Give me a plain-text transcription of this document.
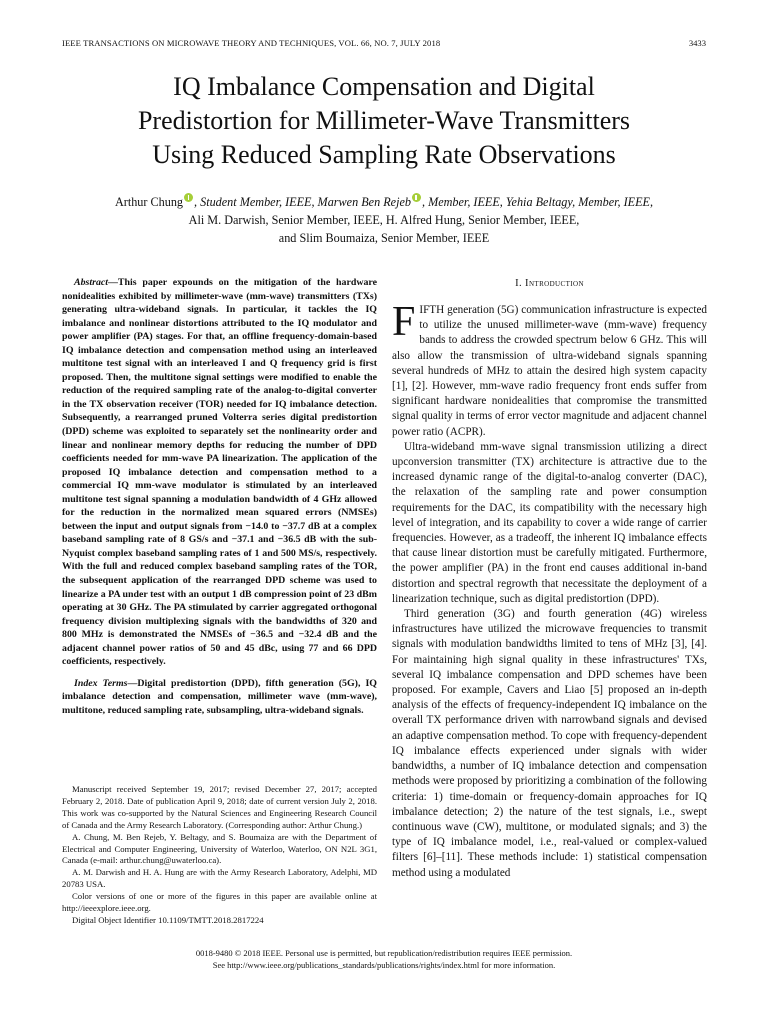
IEEE TRANSACTIONS ON MICROWAVE THEORY AND TECHNIQUES, VOL. 66, NO. 7, JULY 2018	3433
IQ Imbalance Compensation and Digital
Predistortion for Millimeter-Wave Transmitters
Using Reduced Sampling Rate Observations
Arthur Chung , Student Member, IEEE, Marwen Ben Rejeb , Member, IEEE, Yehia Beltagy, Member, IEEE,
Ali M. Darwish, Senior Member, IEEE, H. Alfred Hung, Senior Member, IEEE,
and Slim Boumaiza, Senior Member, IEEE

Abstract—This paper expounds on the mitigation of the hardware nonidealities exhibited by millimeter-wave (mm-wave) transmitters (TXs) generating ultra-wideband signals. In particular, it tackles the IQ imbalance and nonlinear distortions attributed to the IQ modulator and power amplifier (PA) stages. For that, an offline frequency-domain-based IQ imbalance detection and compensation method using an interleaved multitone test signal with an interleaved I and Q frequency grid is first proposed. Then, the multitone signal settings were modified to enable the reduction of the required sampling rate of the analog-to-digital converter in the TX observation receiver (TOR) needed for IQ imbalance detection. Subsequently, a rearranged pruned Volterra series digital predistortion (DPD) scheme was exploited to separately set the nonlinearity order and linear and nonlinear memory depths for reducing the number of DPD coefficients needed for mm-wave PA linearization. The application of the proposed IQ imbalance detection and compensation method to a commercial IQ mm-wave modulator is stimulated by an interleaved multitone test signal spanning a modulation bandwidth of 4 GHz allowed for the reduction in the normalized mean squared errors (NMSEs) between the input and output signals from −14.0 to −37.7 dB at a complex baseband sampling rate of 8 GS/s and −37.1 and −36.5 dB with the sub-Nyquist complex baseband sampling rates of 1 and 500 MS/s, respectively. With the full and reduced complex baseband sampling rates of the TOR, the subsequent application of the rearranged DPD scheme was used to linearize a PA under test with an output 1 dB compression point of 23 dBm operating at 30 GHz. The PA stimulated by carrier aggregated orthogonal frequency division multiplexing signals with the bandwidths of 320 and 800 MHz is demonstrated the NMSEs of −36.5 and −32.4 dB and the adjacent channel power ratios of 50 and 45 dBc, using 77 and 66 DPD coefficients, respectively.

Index Terms—Digital predistortion (DPD), fifth generation (5G), IQ imbalance detection and compensation, millimeter wave (mm-wave), multitone, reduced sampling rate, subsampling, ultra-wideband signals.

Manuscript received September 19, 2017; revised December 27, 2017; accepted February 2, 2018. Date of publication April 9, 2018; date of current version July 2, 2018. This work was co-supported by the Natural Sciences and Engineering Research Council of Canada and the Army Research Laboratory. (Corresponding author: Arthur Chung.)

A. Chung, M. Ben Rejeb, Y. Beltagy, and S. Boumaiza are with the Department of Electrical and Computer Engineering, University of Waterloo, Waterloo, ON N2L 3G1, Canada (e-mail: arthur.chung@uwaterloo.ca).

A. M. Darwish and H. A. Hung are with the Army Research Laboratory, Adelphi, MD 20783 USA.

Color versions of one or more of the figures in this paper are available online at http://ieeexplore.ieee.org.

Digital Object Identifier 10.1109/TMTT.2018.2817224

I. Introduction

FIFTH generation (5G) communication infrastructure is expected to utilize the unused millimeter-wave (mm-wave) frequency bands to address the crowded spectrum below 6 GHz. This will also allow the transmission of ultra-wideband signals spanning several hundreds of MHz to attain the desired high system capacity [1], [2]. However, mm-wave radio frequency front ends suffer from significant hardware nonidealities that compromise the transmitted signal quality in terms of error vector magnitude and adjacent channel power ratio (ACPR).

Ultra-wideband mm-wave signal transmission utilizing a direct upconversion transmitter (TX) architecture is attractive due to the increased dynamic range of the digital-to-analog converter (DAC), the relaxation of the sampling rate and power consumption requirements for the DAC, its compatibility with the necessary high level of integration, and its capability to cover a wide range of carrier frequencies. However, as a tradeoff, the inherent IQ imbalance effects that cause linear distortion must be carefully mitigated. Furthermore, the power amplifier (PA) in the front end causes additional in-band distortion and spectral regrowth that necessitate the deployment of a linearization technique, such as digital predistortion (DPD).

Third generation (3G) and fourth generation (4G) wireless infrastructures have utilized the microwave frequencies to transmit signals with modulation bandwidths limited to tens of MHz [3], [4]. For maintaining high signal quality in these infrastructures' TXs, several IQ imbalance compensation and DPD schemes have been proposed. For example, Cavers and Liao [5] proposed an in-depth analysis of the effects of frequency-independent IQ imbalance on the overall TX performance driven with narrowband signals and devised an adaptive compensation method. To cope with frequency-dependent IQ imbalance effects experienced under signals with wider bandwidths, a number of IQ imbalance detection and compensation methods were proposed by prioritizing a combination of the following criteria: 1) time-domain or frequency-domain approaches for IQ imbalance detection; 2) the nature of the test signals, i.e., swept continuous wave (CW), multitone, or modulated signals; and 3) the type of IQ imbalance model, i.e., real-valued or complex-valued filters [6]–[11]. These methods include: 1) statistical compensation method using a modulated

0018-9480 © 2018 IEEE. Personal use is permitted, but republication/redistribution requires IEEE permission.
See http://www.ieee.org/publications_standards/publications/rights/index.html for more information.
